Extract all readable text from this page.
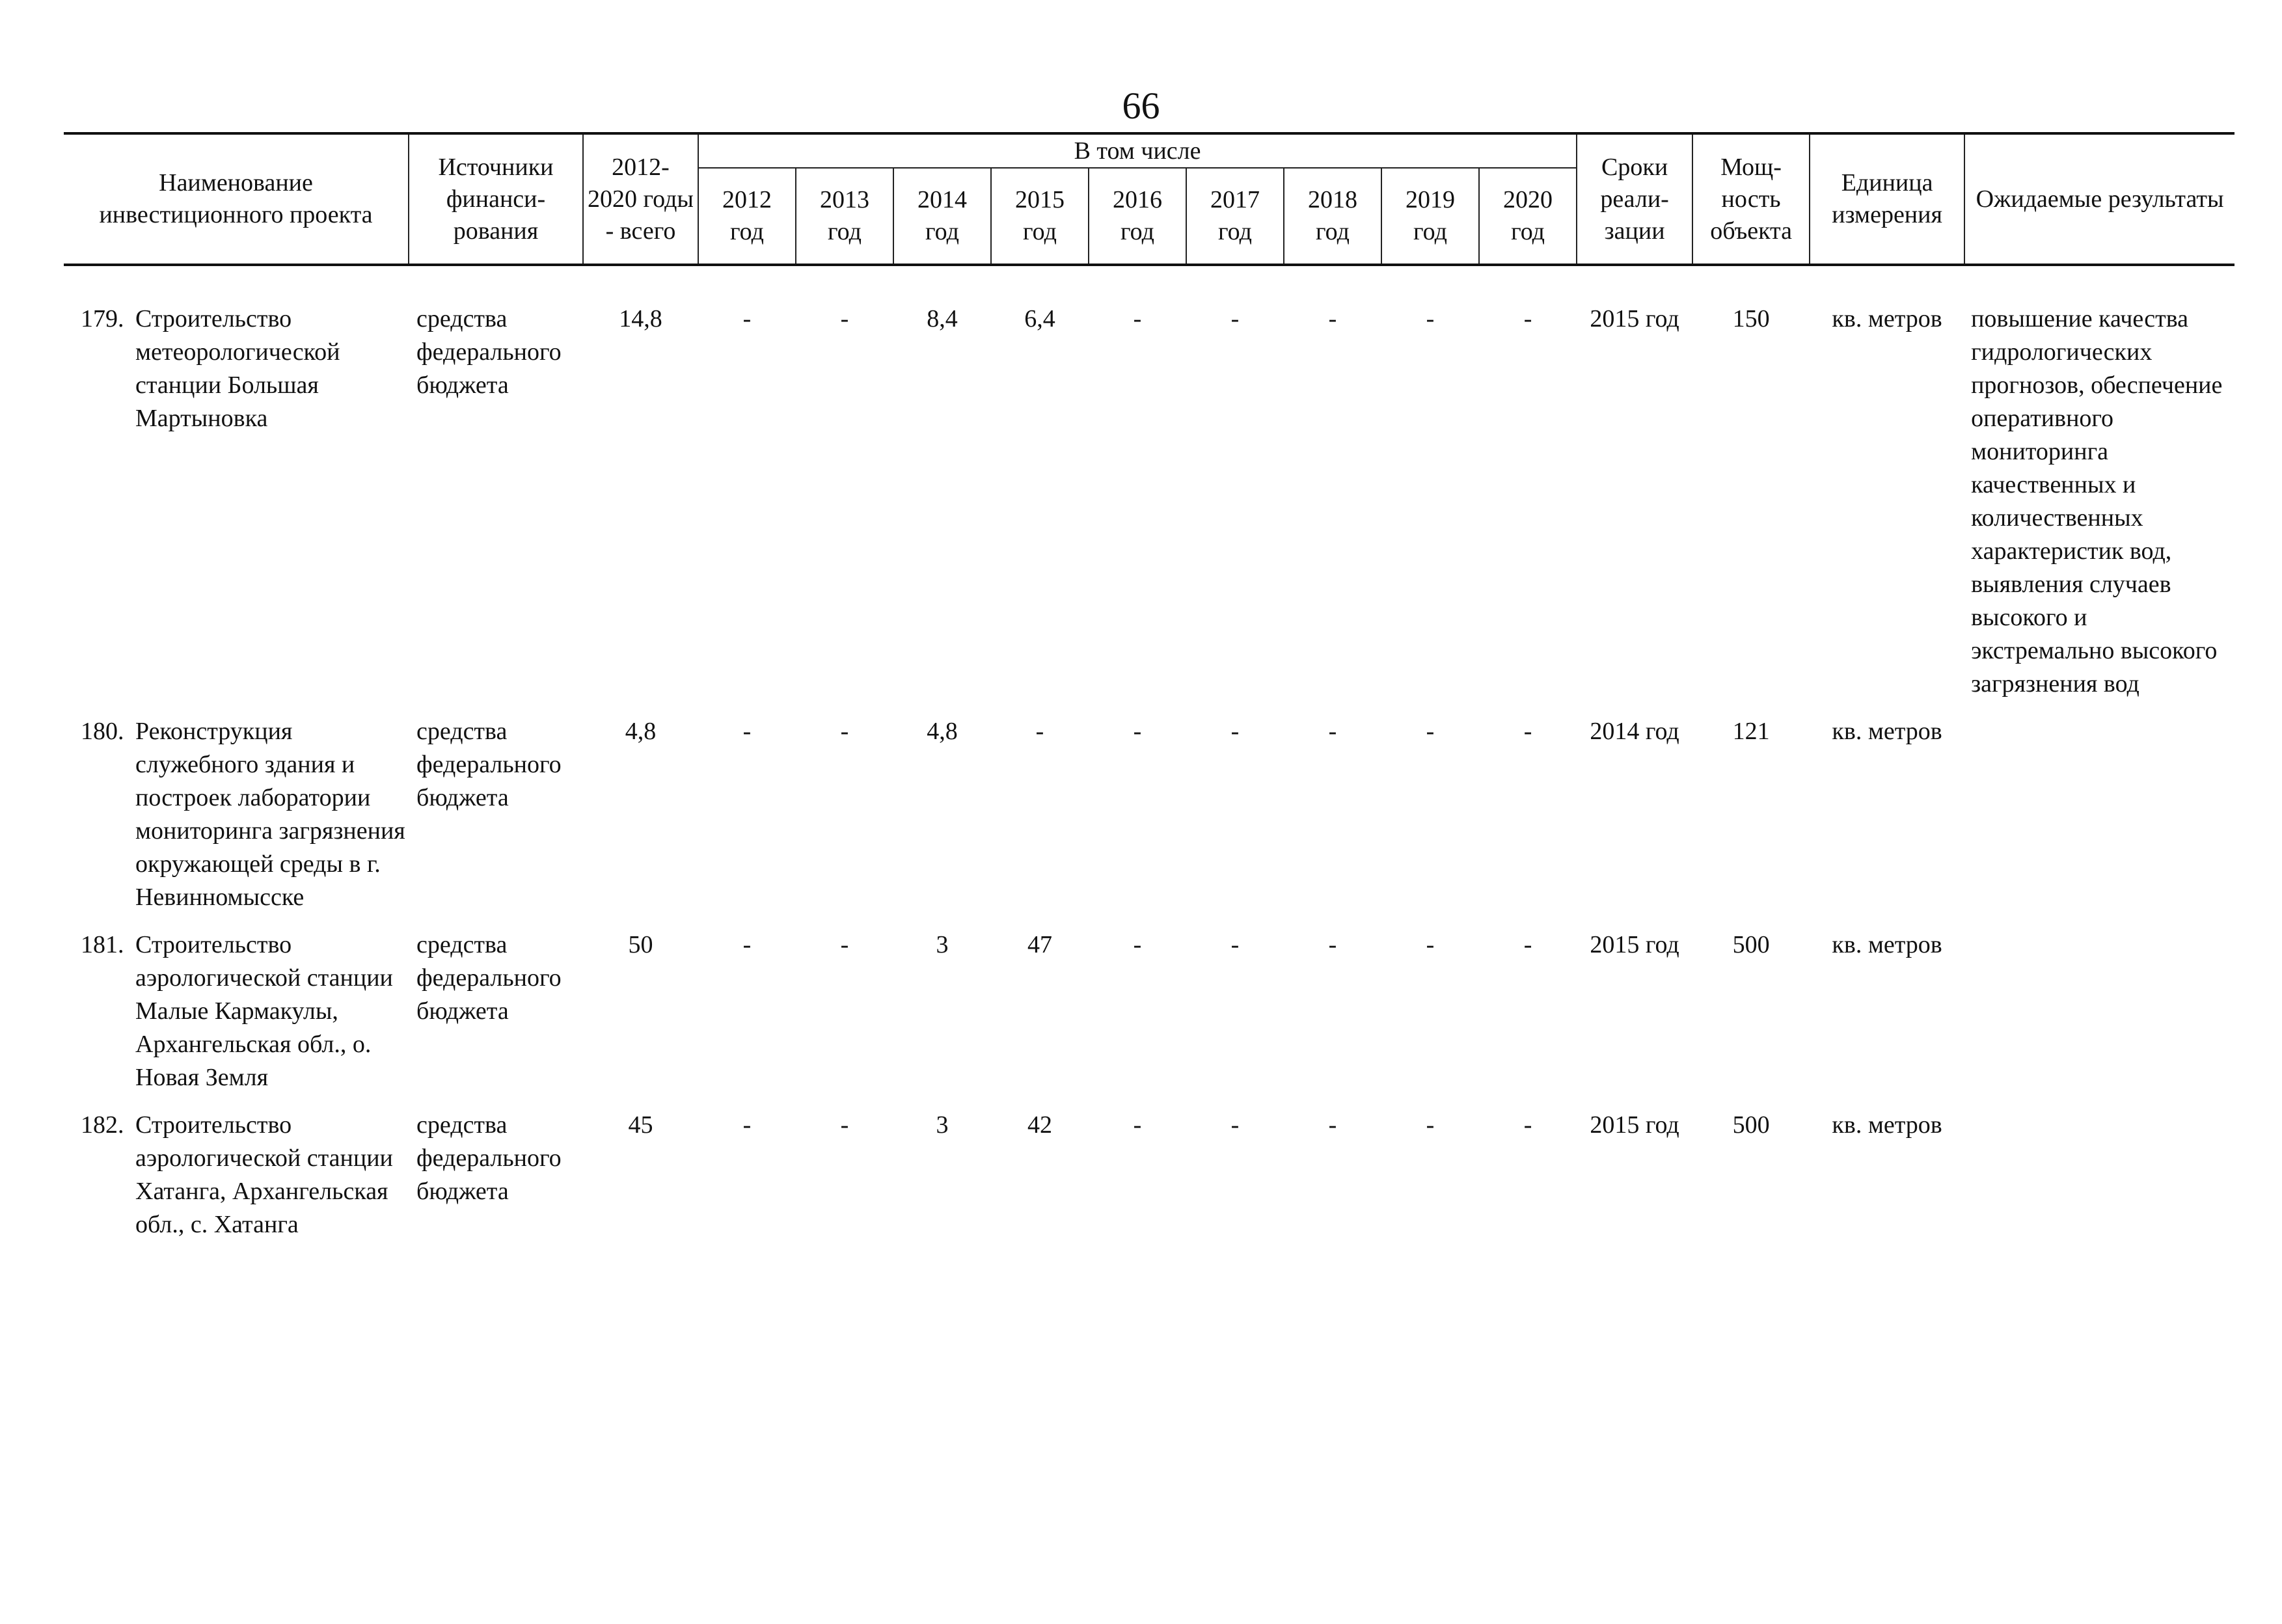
66
Наименование инвестиционного проекта	Источники финанси-рования	2012-2020 годы - всего	В том числе									Сроки реали-зации	Мощ-ность объекта	Единица измерения	Ожидаемые результаты
			2012 год	2013 год	2014 год	2015 год	2016 год	2017 год	2018 год	2019 год	2020 год				

179. Строительство метеорологической станции Большая Мартыновка	средства федерального бюджета	14,8	-	-	8,4	6,4	-	-	-	-	-	2015 год	150	кв. метров	повышение качества гидрологических прогнозов, обеспечение оперативного мониторинга качественных и количественных характеристик вод, выявления случаев высокого и экстремально высокого загрязнения вод

180. Реконструкция служебного здания и построек лаборатории мониторинга загрязнения окружающей среды в г. Невинномысске	средства федерального бюджета	4,8	-	-	4,8	-	-	-	-	-	-	2014 год	121	кв. метров	

181. Строительство аэрологической станции Малые Кармакулы, Архангельская обл., о. Новая Земля	средства федерального бюджета	50	-	-	3	47	-	-	-	-	-	2015 год	500	кв. метров	

182. Строительство аэрологической станции Хатанга, Архангельская обл., с. Хатанга	средства федерального бюджета	45	-	-	3	42	-	-	-	-	-	2015 год	500	кв. метров	
